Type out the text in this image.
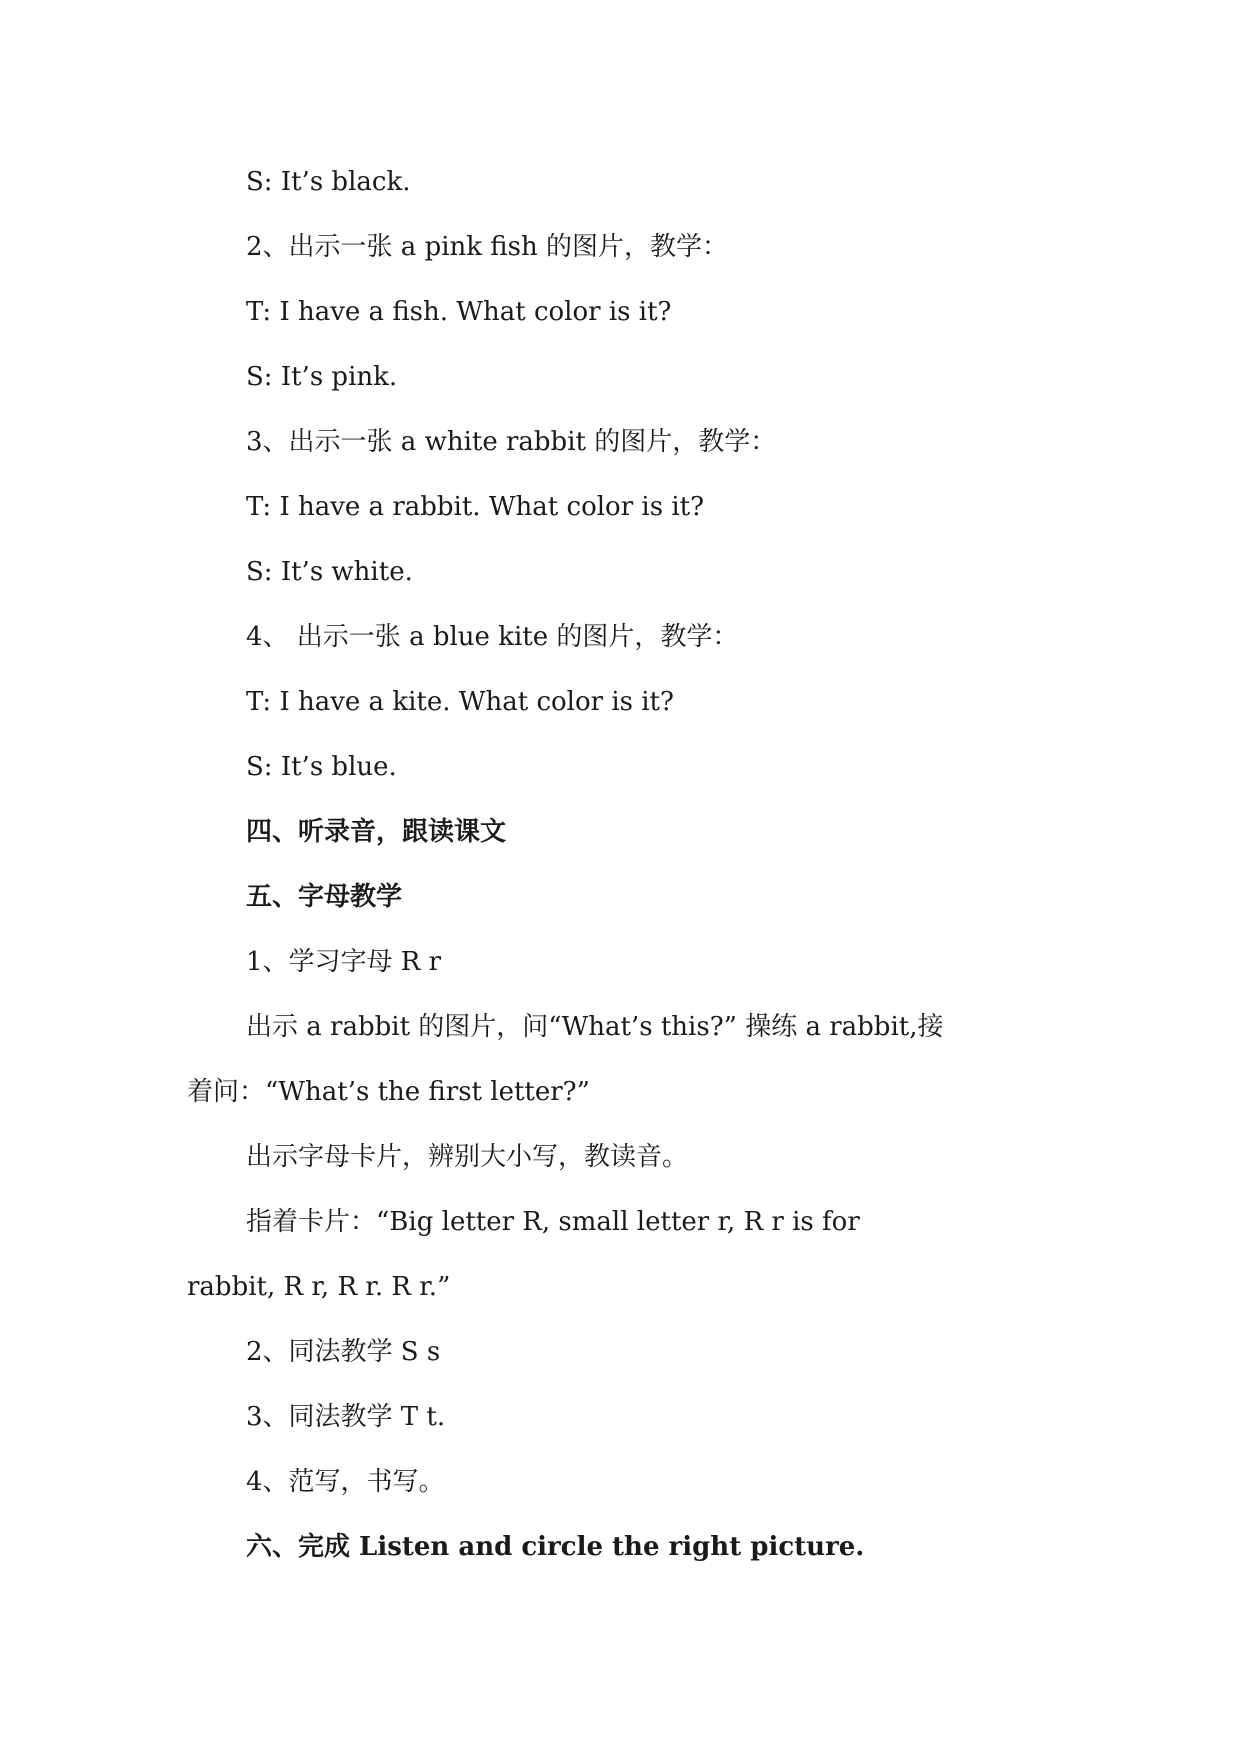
S: It’s black.
2、出示一张 a pink fish 的图片，教学：
T: I have a fish. What color is it?
S: It’s pink.
3、出示一张 a white rabbit 的图片，教学：
T: I have a rabbit. What color is it?
S: It’s white.
4、 出示一张 a blue kite 的图片，教学：
T: I have a kite. What color is it?
S: It’s blue.
四、听录音，跟读课文
五、字母教学
1、学习字母 R r
出示 a rabbit 的图片，问“What’s this?” 操练 a rabbit,接
着问：“What’s the first letter?”
出示字母卡片，辨别大小写，教读音。
指着卡片：“Big letter R, small letter r, R r is for
rabbit, R r, R r. R r.”
2、同法教学 S s
3、同法教学 T t.
4、范写，书写。
六、完成 Listen and circle the right picture.
